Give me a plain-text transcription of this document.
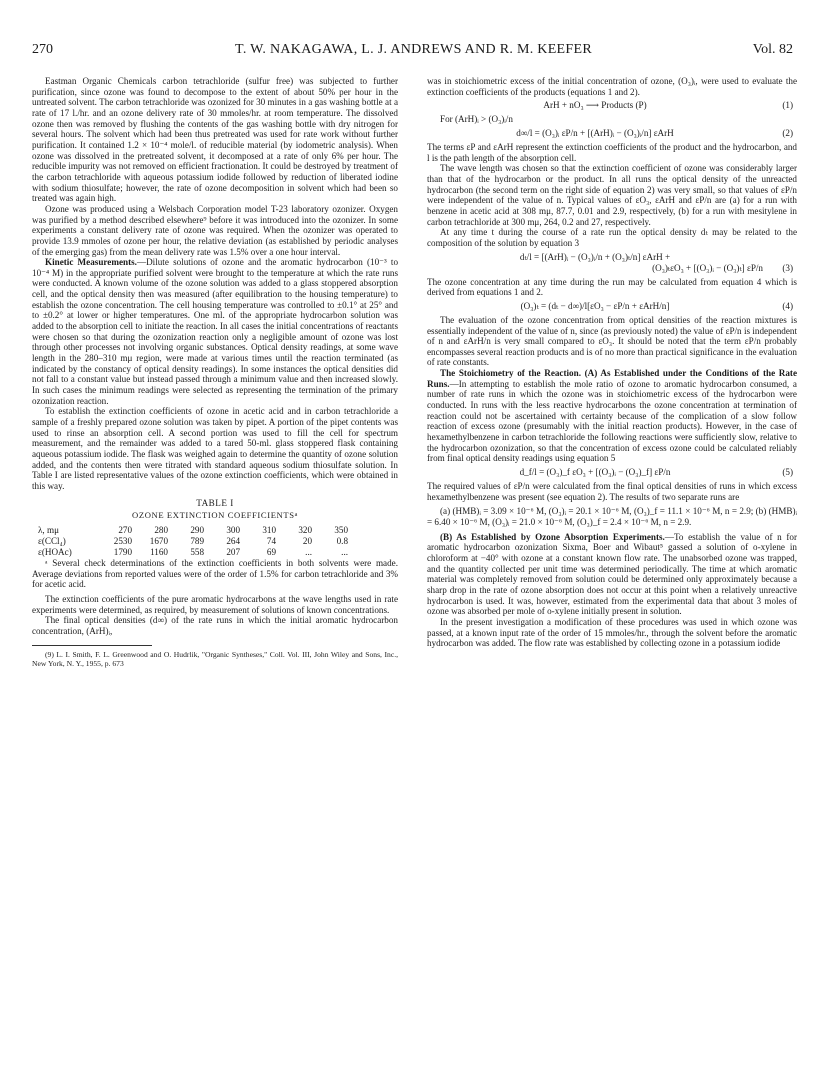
270	T. W. NAKAGAWA, L. J. ANDREWS AND R. M. KEEFER	Vol. 82

Eastman Organic Chemicals carbon tetrachloride (sulfur free) was subjected to further purification, since ozone was found to decompose to the extent of about 50% per hour in the untreated solvent. The carbon tetrachloride was ozonized for 30 minutes in a gas washing bottle at a rate of 17 l./hr. and an ozone delivery rate of 30 mmoles/hr. at room temperature. The dissolved ozone then was removed by flushing the contents of the gas washing bottle with dry nitrogen for several hours. The solvent which had been thus pretreated was used for rate work without further purification. It contained 1.2 × 10⁻⁴ mole/l. of reducible material (by iodometric analysis). When ozone was dissolved in the pretreated solvent, it decomposed at a rate of only 6% per hour. The reducible impurity was not removed on efficient fractionation. It could be destroyed by treatment of the carbon tetrachloride with aqueous potassium iodide followed by reduction of liberated iodine with sodium thiosulfate; however, the rate of ozone decomposition in solvent which had been so treated was again high.

Ozone was produced using a Welsbach Corporation model T-23 laboratory ozonizer. Oxygen was purified by a method described elsewhere⁹ before it was introduced into the ozonizer. In some experiments a constant delivery rate of ozone was required. When the ozonizer was operated to provide 13.9 mmoles of ozone per hour, the relative deviation (as established by periodic analyses of the emerging gas) from the mean delivery rate was 1.5% over a one hour interval.

Kinetic Measurements.—Dilute solutions of ozone and the aromatic hydrocarbon (10⁻³ to 10⁻⁴ M) in the appropriate purified solvent were brought to the temperature at which the rate runs were conducted. A known volume of the ozone solution was added to a glass stoppered absorption cell, and the optical density then was measured (after equilibration to the housing temperature) to establish the ozone concentration. The cell housing temperature was controlled to ±0.1° at 25° and to ±0.2° at lower or higher temperatures. One ml. of the appropriate hydrocarbon solution was added to the absorption cell to initiate the reaction. In all cases the initial concentrations of reactants were chosen so that during the ozonization reaction only a negligible amount of ozone was lost through other processes not involving organic substances. Optical density readings, at some wave length in the 280–310 mμ region, were made at various times until the reaction terminated (as indicated by the constancy of optical density readings). In some instances the optical densities did not fall to a constant value but instead passed through a minimum value and then increased slowly. In such cases the minimum readings were selected as representing the termination of the primary ozonization reaction.

To establish the extinction coefficients of ozone in acetic acid and in carbon tetrachloride a sample of a freshly prepared ozone solution was taken by pipet. A portion of the pipet contents was used to rinse an absorption cell. A second portion was used to fill the cell for spectrum measurement, and the remainder was added to a tared 50-ml. glass stoppered flask containing aqueous potassium iodide. The flask was weighed again to determine the quantity of ozone solution added, and the contents then were titrated with standard aqueous sodium thiosulfate solution. In Table I are listed representative values of the ozone extinction coefficients, which were obtained in this way.

TABLE I
OZONE EXTINCTION COEFFICIENTS$^a$
λ, mμ	270	280	290	300	310	320	350
ε(CCl₄)	2530	1670	789	264	74	20	0.8
ε(HOAc)	1790	1160	558	207	69	...	...

ᵃ Several check determinations of the extinction coefficients in both solvents were made. Average deviations from reported values were of the order of 1.5% for carbon tetrachloride and 3% for acetic acid.

The extinction coefficients of the pure aromatic hydrocarbons at the wave lengths used in rate experiments were determined, as required, by measurement of solutions of known concentrations.

The final optical densities (d∞) of the rate runs in which the initial aromatic hydrocarbon concentration, (ArH)ᵢ,

(9) L. I. Smith, F. L. Greenwood and O. Hudrlik, "Organic Syntheses," Coll. Vol. III, John Wiley and Sons, Inc., New York, N. Y., 1955, p. 673

was in stoichiometric excess of the initial concentration of ozone, (O₃)ᵢ, were used to evaluate the extinction coefficients of the products (equations 1 and 2).

ArH + nO₃ ⟶ Products (P)	(1)

For (ArH)ᵢ > (O₃)ᵢ/n

d∞/l = (O₃)ᵢ εP/n + [(ArH)ᵢ − (O₃)ᵢ/n] εArH	(2)

The terms εP and εArH represent the extinction coefficients of the product and the hydrocarbon, and l is the path length of the absorption cell.

The wave length was chosen so that the extinction coefficient of ozone was considerably larger than that of the hydrocarbon or the product. In all runs the optical density of the unreacted hydrocarbon (the second term on the right side of equation 2) was very small, so that values of εP/n were independent of the value of n. Typical values of εO₃, εArH and εP/n are (a) for a run with benzene in acetic acid at 308 mμ, 87.7, 0.01 and 2.9, respectively, (b) for a run with mesitylene in carbon tetrachloride at 300 mμ, 264, 0.2 and 27, respectively.

At any time t during the course of a rate run the optical density dₜ may be related to the composition of the solution by equation 3

dₜ/l = [(ArH)ᵢ − (O₃)ᵢ/n + (O₃)ₜ/n] εArH +
(O₃)ₜεO₃ + [(O₃)ᵢ − (O₃)ₜ] εP/n (3)

The ozone concentration at any time during the run may be calculated from equation 4 which is derived from equations 1 and 2.

(O₃)ₜ = (dₜ − d∞)/l[εO₃ − εP/n + εArH/n]	(4)

The evaluation of the ozone concentration from optical densities of the reaction mixtures is essentially independent of the value of n, since (as previously noted) the value of εP/n is independent of n and εArH/n is very small compared to εO₃. It should be noted that the term εP/n probably encompasses several reaction products and is of no more than practical significance in the evaluation of rate constants.

The Stoichiometry of the Reaction. (A) As Established under the Conditions of the Rate Runs.—In attempting to establish the mole ratio of ozone to aromatic hydrocarbon consumed, a number of rate runs in which the ozone was in stoichiometric excess of the hydrocarbon were conducted. In runs with the less reactive hydrocarbons the ozone concentration at termination of reaction could not be ascertained with certainty because of the complication of a slow follow reaction of excess ozone (presumably with the initial reaction products). However, in the case of hexamethylbenzene in carbon tetrachloride the following reactions were sufficiently slow, relative to the hydrocarbon ozonization, so that the concentration of excess ozone could be calculated reliably from final optical density readings using equation 5

d_f/l = (O₃)_f εO₃ + [(O₃)ᵢ − (O₃)_f] εP/n	(5)

The required values of εP/n were calculated from the final optical densities of runs in which excess hexamethylbenzene was present (see equation 2). The results of two separate runs are

(a) (HMB)ᵢ = 3.09 × 10⁻⁶ M, (O₃)ᵢ = 20.1 × 10⁻⁶ M, (O₃)_f = 11.1 × 10⁻⁶ M, n = 2.9; (b) (HMB)ᵢ = 6.40 × 10⁻⁶ M, (O₃)ᵢ = 21.0 × 10⁻⁶ M, (O₃)_f = 2.4 × 10⁻⁶ M, n = 2.9.

(B) As Established by Ozone Absorption Experiments.—To establish the value of n for aromatic hydrocarbon ozonization Sixma, Boer and Wibaut⁵ gassed a solution of o-xylene in chloroform at −40° with ozone at a constant known flow rate. The unabsorbed ozone was trapped, and the quantity collected per unit time was determined periodically. The time at which aromatic material was completely removed from solution could be determined only approximately because a sharp drop in the rate of ozone absorption does not occur at this point when a relatively unreactive hydrocarbon is used. It was, however, estimated from the experimental data that about 3 moles of ozone was absorbed per mole of o-xylene initially present in solution.

In the present investigation a modification of these procedures was used in which ozone was passed, at a known input rate of the order of 15 mmoles/hr., through the solvent before the aromatic hydrocarbon was added. The flow rate was established by collecting ozone in a potassium iodide
